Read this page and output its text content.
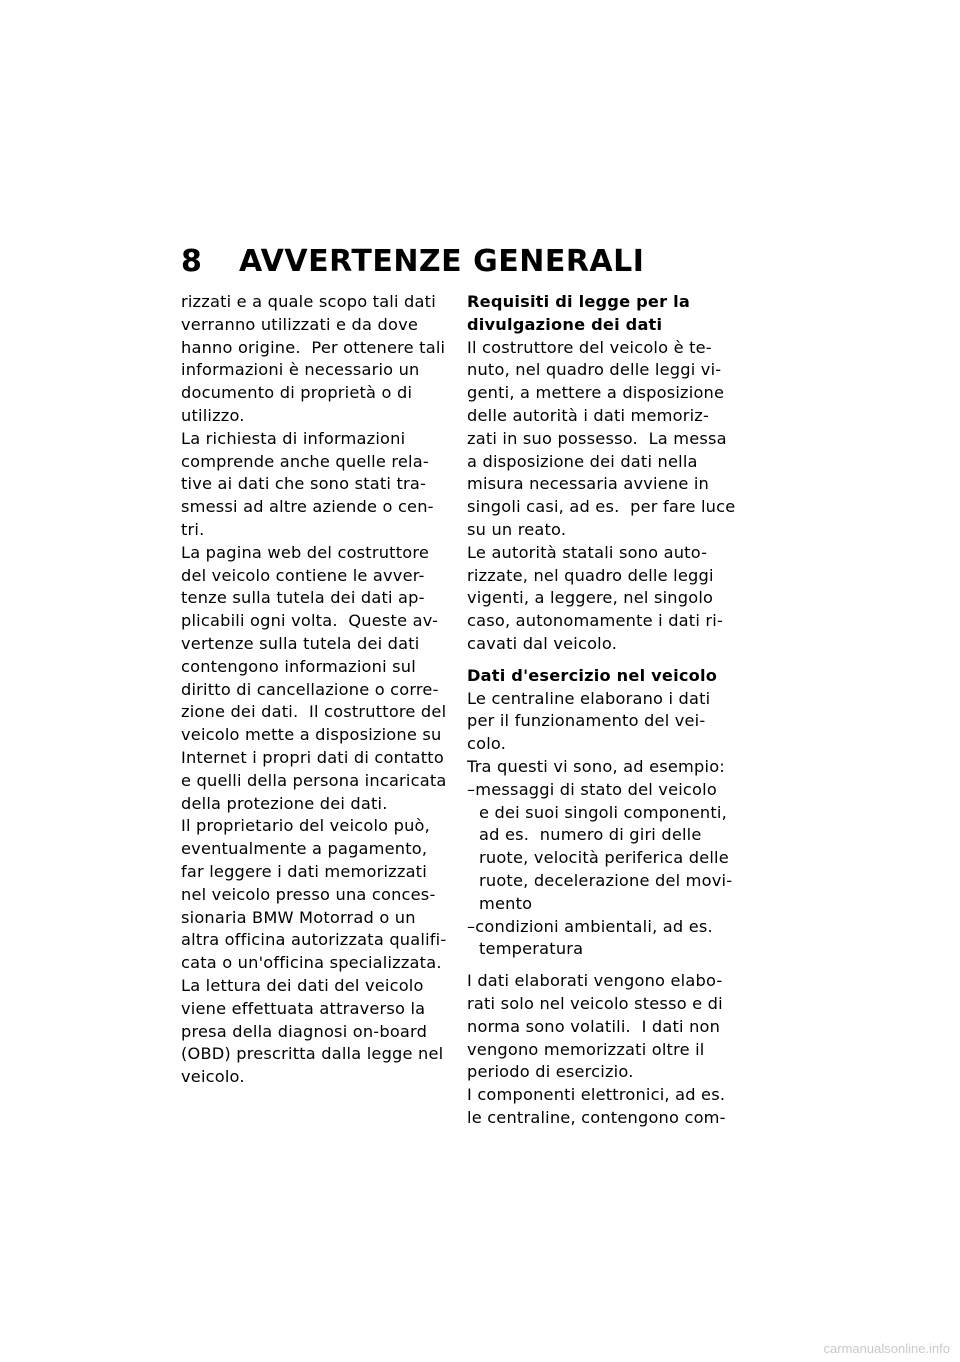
8 AVVERTENZE GENERALI
rizzati e a quale scopo tali dati
verranno utilizzati e da dove
hanno origine.  Per ottenere tali
informazioni è necessario un
documento di proprietà o di
utilizzo.
La richiesta di informazioni
comprende anche quelle rela-
tive ai dati che sono stati tra-
smessi ad altre aziende o cen-
tri.
La pagina web del costruttore
del veicolo contiene le avver-
tenze sulla tutela dei dati ap-
plicabili ogni volta.  Queste av-
vertenze sulla tutela dei dati
contengono informazioni sul
diritto di cancellazione o corre-
zione dei dati.  Il costruttore del
veicolo mette a disposizione su
Internet i propri dati di contatto
e quelli della persona incaricata
della protezione dei dati.
Il proprietario del veicolo può,
eventualmente a pagamento,
far leggere i dati memorizzati
nel veicolo presso una conces-
sionaria BMW Motorrad o un
altra officina autorizzata qualifi-
cata o un'officina specializzata.
La lettura dei dati del veicolo
viene effettuata attraverso la
presa della diagnosi on-board
(OBD) prescritta dalla legge nel
veicolo.
Requisiti di legge per la
divulgazione dei dati
Il costruttore del veicolo è te-
nuto, nel quadro delle leggi vi-
genti, a mettere a disposizione
delle autorità i dati memoriz-
zati in suo possesso.  La messa
a disposizione dei dati nella
misura necessaria avviene in
singoli casi, ad es.  per fare luce
su un reato.
Le autorità statali sono auto-
rizzate, nel quadro delle leggi
vigenti, a leggere, nel singolo
caso, autonomamente i dati ri-
cavati dal veicolo.
Dati d'esercizio nel veicolo
Le centraline elaborano i dati
per il funzionamento del vei-
colo.
Tra questi vi sono, ad esempio:
–messaggi di stato del veicolo
e dei suoi singoli componenti,
ad es.  numero di giri delle
ruote, velocità periferica delle
ruote, decelerazione del movi-
mento
–condizioni ambientali, ad es.
temperatura
I dati elaborati vengono elabo-
rati solo nel veicolo stesso e di
norma sono volatili.  I dati non
vengono memorizzati oltre il
periodo di esercizio.
I componenti elettronici, ad es.
le centraline, contengono com-
carmanualsonline.info
